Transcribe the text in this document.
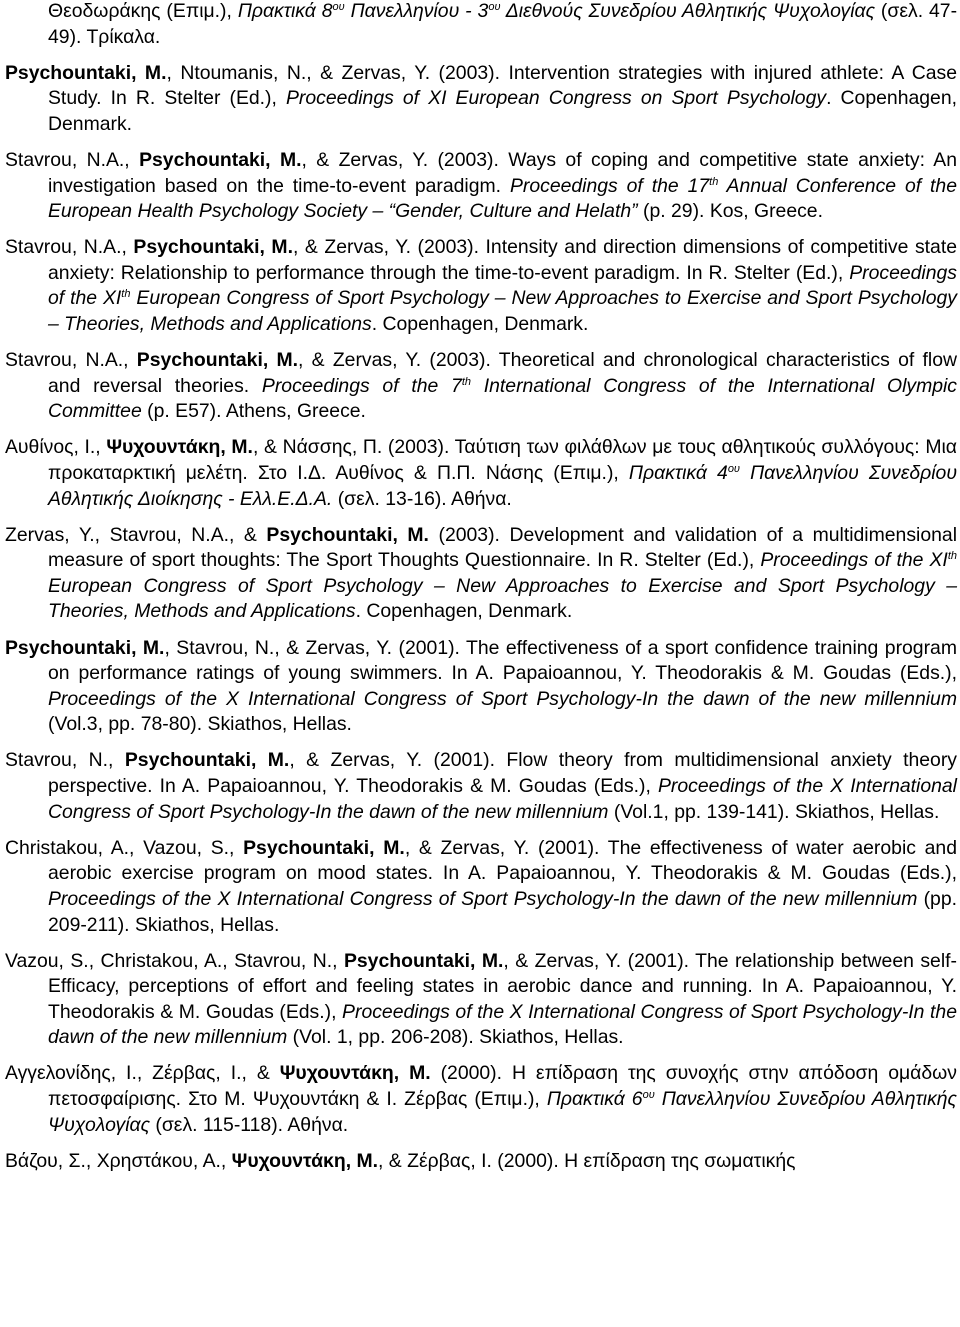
Θεοδωράκης (Επιμ.), Πρακτικά $8^{o\upsilon}$ Πανελληνίου - $3^{o\upsilon}$ Διεθνούς Συνεδρίου Αθλητικής Ψυχολογίας (σελ. 47-49). Τρίκαλα.

Psychountaki, M., Ntoumanis, N., & Zervas, Y. (2003). Intervention strategies with injured athlete: A Case Study. In R. Stelter (Ed.), Proceedings of XI European Congress on Sport Psychology. Copenhagen, Denmark.

Stavrou, N.A., Psychountaki, M., & Zervas, Y. (2003). Ways of coping and competitive state anxiety: An investigation based on the time-to-event paradigm. Proceedings of the 17th Annual Conference of the European Health Psychology Society – “Gender, Culture and Helath” (p. 29). Kos, Greece.

Stavrou, N.A., Psychountaki, M., & Zervas, Y. (2003). Intensity and direction dimensions of competitive state anxiety: Relationship to performance through the time-to-event paradigm. In R. Stelter (Ed.), Proceedings of the XIth European Congress of Sport Psychology – New Approaches to Exercise and Sport Psychology – Theories, Methods and Applications. Copenhagen, Denmark.

Stavrou, N.A., Psychountaki, M., & Zervas, Y. (2003). Theoretical and chronological characteristics of flow and reversal theories. Proceedings of the 7th International Congress of the International Olympic Committee (p. E57). Athens, Greece.

Αυθίνος, Ι., Ψυχουντάκη, Μ., & Νάσσης, Π. (2003). Ταύτιση των φιλάθλων με τους αθλητικούς συλλόγους: Μια προκαταρκτική μελέτη. Στο Ι.Δ. Αυθίνος & Π.Π. Νάσης (Επιμ.), Πρακτικά $4^{o\upsilon}$ Πανελληνίου Συνεδρίου Αθλητικής Διοίκησης - Ελλ.Ε.Δ.Α. (σελ. 13-16). Αθήνα.

Zervas, Y., Stavrou, N.A., & Psychountaki, M. (2003). Development and validation of a multidimensional measure of sport thoughts: The Sport Thoughts Questionnaire. In R. Stelter (Ed.), Proceedings of the XIth European Congress of Sport Psychology – New Approaches to Exercise and Sport Psychology – Theories, Methods and Applications. Copenhagen, Denmark.

Psychountaki, M., Stavrou, N., & Zervas, Y. (2001). The effectiveness of a sport confidence training program on performance ratings of young swimmers. In A. Papaioannou, Y. Theodorakis & M. Goudas (Eds.), Proceedings of the X International Congress of Sport Psychology-In the dawn of the new millennium (Vol.3, pp. 78-80). Skiathos, Hellas.

Stavrou, N., Psychountaki, M., & Zervas, Y. (2001). Flow theory from multidimensional anxiety theory perspective. In A. Papaioannou, Y. Theodorakis & M. Goudas (Eds.), Proceedings of the X International Congress of Sport Psychology-In the dawn of the new millennium (Vol.1, pp. 139-141). Skiathos, Hellas.

Christakou, A., Vazou, S., Psychountaki, M., & Zervas, Y. (2001). The effectiveness of water aerobic and aerobic exercise program on mood states. In A. Papaioannou, Y. Theodorakis & M. Goudas (Eds.), Proceedings of the X International Congress of Sport Psychology-In the dawn of the new millennium (pp. 209-211). Skiathos, Hellas.

Vazou, S., Christakou, A., Stavrou, N., Psychountaki, M., & Zervas, Y. (2001). The relationship between self-Efficacy, perceptions of effort and feeling states in aerobic dance and running. In A. Papaioannou, Y. Theodorakis & M. Goudas (Eds.), Proceedings of the X International Congress of Sport Psychology-In the dawn of the new millennium (Vol. 1, pp. 206-208). Skiathos, Hellas.

Αγγελονίδης, Ι., Ζέρβας, Ι., & Ψυχουντάκη, Μ. (2000). Η επίδραση της συνοχής στην απόδοση ομάδων πετοσφαίρισης. Στο Μ. Ψυχουντάκη & Ι. Ζέρβας (Επιμ.), Πρακτικά $6^{o\upsilon}$ Πανελληνίου Συνεδρίου Αθλητικής Ψυχολογίας (σελ. 115-118). Αθήνα.

Βάζου, Σ., Χρηστάκου, Α., Ψυχουντάκη, Μ., & Ζέρβας, Ι. (2000). Η επίδραση της σωματικής
